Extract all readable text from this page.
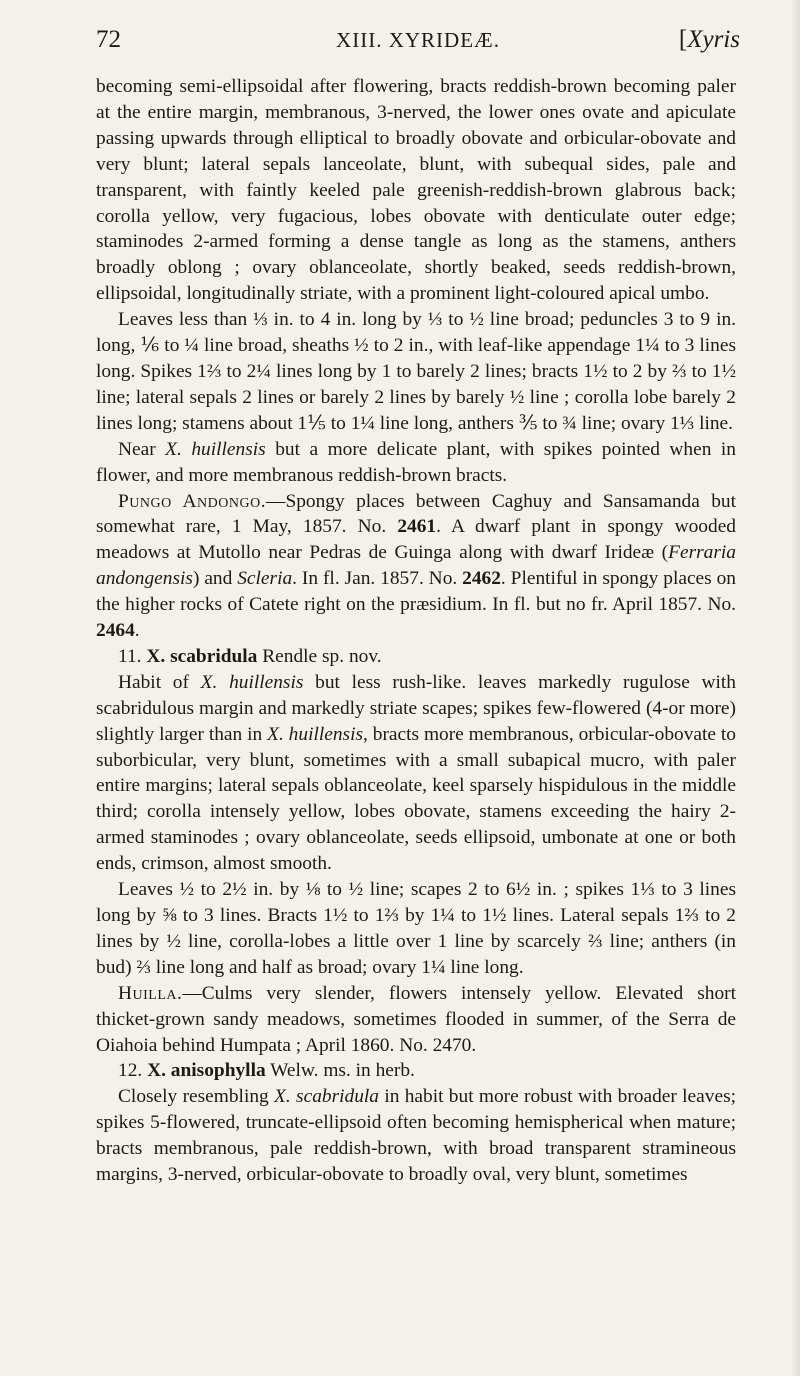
72	XIII. XYRIDEÆ.	[Xyris

becoming semi-ellipsoidal after flowering, bracts reddish-brown becoming paler at the entire margin, membranous, 3-nerved, the lower ones ovate and apiculate passing upwards through elliptical to broadly obovate and orbicular-obovate and very blunt; lateral sepals lanceolate, blunt, with subequal sides, pale and transparent, with faintly keeled pale greenish-reddish-brown glabrous back; corolla yellow, very fugacious, lobes obovate with denticulate outer edge; staminodes 2-armed forming a dense tangle as long as the stamens, anthers broadly oblong ; ovary oblanceolate, shortly beaked, seeds reddish-brown, ellipsoidal, longitudinally striate, with a prominent light-coloured apical umbo.

Leaves less than ⅓ in. to 4 in. long by ⅓ to ½ line broad; peduncles 3 to 9 in. long, ⅙ to ¼ line broad, sheaths ½ to 2 in., with leaf-like appendage 1¼ to 3 lines long. Spikes 1⅔ to 2¼ lines long by 1 to barely 2 lines; bracts 1½ to 2 by ⅔ to 1½ line; lateral sepals 2 lines or barely 2 lines by barely ½ line ; corolla lobe barely 2 lines long; stamens about 1⅕ to 1¼ line long, anthers ⅗ to ¾ line; ovary 1⅓ line.

Near X. huillensis but a more delicate plant, with spikes pointed when in flower, and more membranous reddish-brown bracts.

Pungo Andongo.—Spongy places between Caghuy and Sansamanda but somewhat rare, 1 May, 1857. No. 2461. A dwarf plant in spongy wooded meadows at Mutollo near Pedras de Guinga along with dwarf Irideæ (Ferraria andongensis) and Scleria. In fl. Jan. 1857. No. 2462. Plentiful in spongy places on the higher rocks of Catete right on the præsidium. In fl. but no fr. April 1857. No. 2464.

11. X. scabridula Rendle sp. nov.

Habit of X. huillensis but less rush-like. leaves markedly rugulose with scabridulous margin and markedly striate scapes; spikes few-flowered (4-or more) slightly larger than in X. huillensis, bracts more membranous, orbicular-obovate to suborbicular, very blunt, sometimes with a small subapical mucro, with paler entire margins; lateral sepals oblanceolate, keel sparsely hispidulous in the middle third; corolla intensely yellow, lobes obovate, stamens exceeding the hairy 2-armed staminodes ; ovary oblanceolate, seeds ellipsoid, umbonate at one or both ends, crimson, almost smooth.

Leaves ½ to 2½ in. by ⅛ to ½ line; scapes 2 to 6½ in. ; spikes 1⅓ to 3 lines long by ⅝ to 3 lines. Bracts 1½ to 1⅔ by 1¼ to 1½ lines. Lateral sepals 1⅔ to 2 lines by ½ line, corolla-lobes a little over 1 line by scarcely ⅔ line; anthers (in bud) ⅔ line long and half as broad; ovary 1¼ line long.

Huilla.—Culms very slender, flowers intensely yellow. Elevated short thicket-grown sandy meadows, sometimes flooded in summer, of the Serra de Oiahoia behind Humpata ; April 1860. No. 2470.

12. X. anisophylla Welw. ms. in herb.

Closely resembling X. scabridula in habit but more robust with broader leaves; spikes 5-flowered, truncate-ellipsoid often becoming hemispherical when mature; bracts membranous, pale reddish-brown, with broad transparent stramineous margins, 3-nerved, orbicular-obovate to broadly oval, very blunt, sometimes
